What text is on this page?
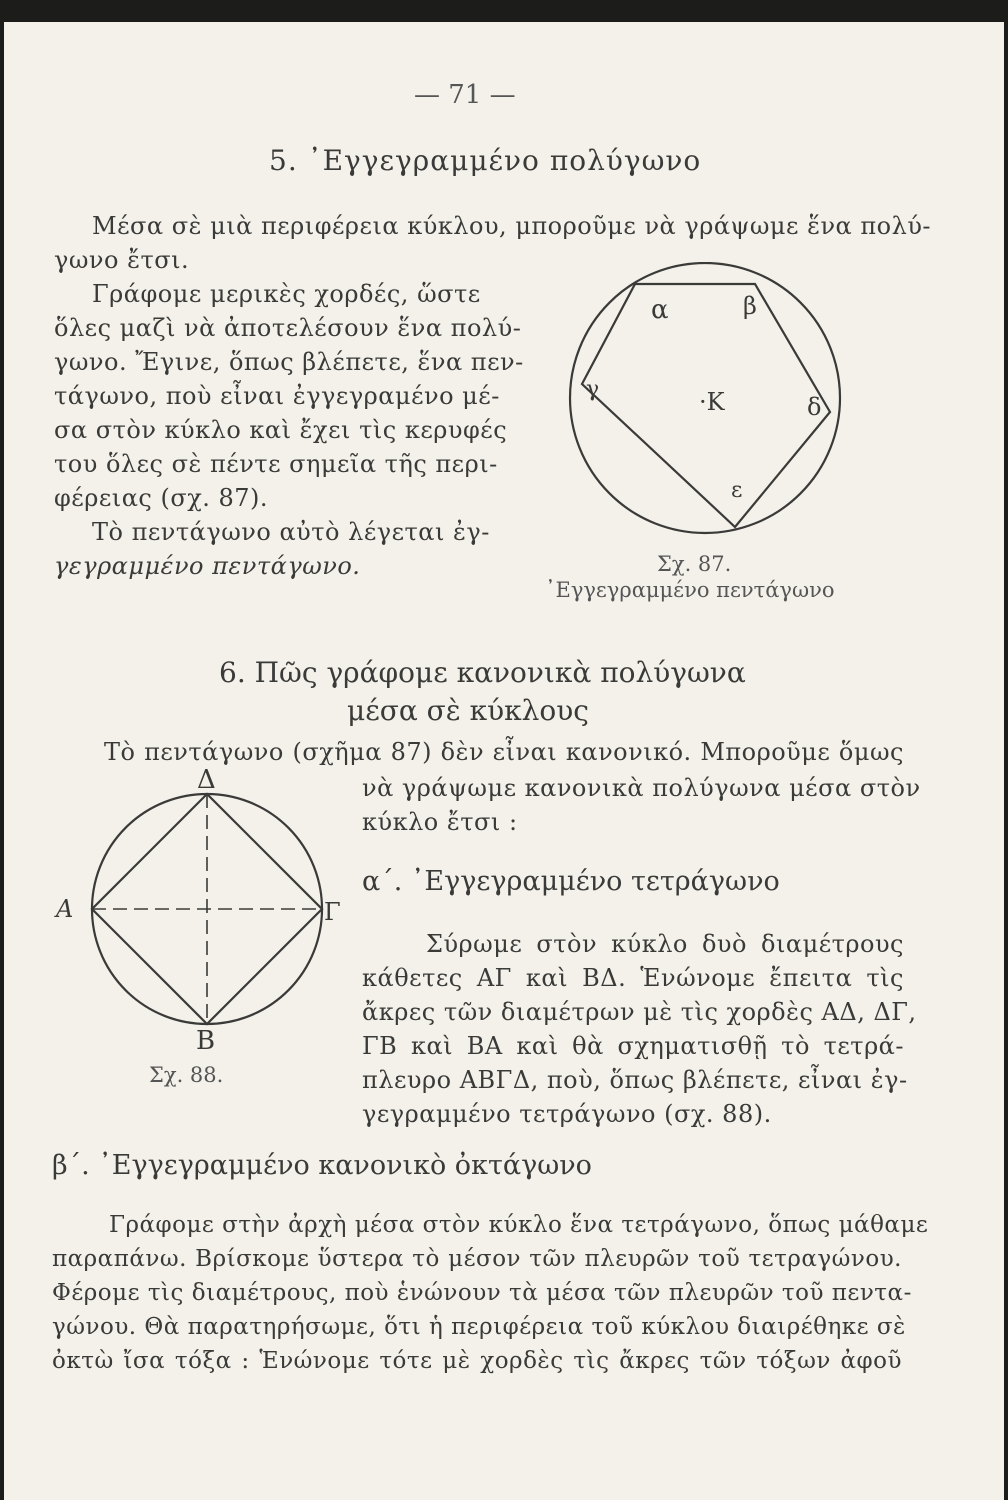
— 71 —
5. ᾿Εγγεγραμμένο πολύγωνο
Μέσα σὲ μιὰ περιφέρεια κύκλου, μποροῦμε νὰ γράψωμε ἕνα πολύ-
γωνο ἔτσι.
Γράφομε μερικὲς χορδές, ὥστε
ὅλες μαζὶ νὰ ἀποτελέσουν ἕνα πολύ-
γωνο. Ἔγινε, ὅπως βλέπετε, ἕνα πεν-
τάγωνο, ποὺ εἶναι ἐγγεγραμένο μέ-
σα στὸν κύκλο καὶ ἔχει τὶς κερυφές
του ὅλες σὲ πέντε σημεῖα τῆς περι-
φέρειας (σχ. 87).
Τὸ πεντάγωνο αὐτὸ λέγεται ἐγ-
γεγραμμένο πεντάγωνο.
α	β
γ	·Κ	δ
ε
Σχ. 87.
᾿Εγγεγραμμένο πεντάγωνο
6. Πῶς γράφομε κανονικὰ πολύγωνα
μέσα σὲ κύκλους
Τὸ πεντάγωνο (σχῆμα 87) δὲν εἶναι κανονικό. Μποροῦμε ὅμως
νὰ γράψωμε κανονικὰ πολύγωνα μέσα στὸν
κύκλο ἔτσι :
Δ
Α	Γ
Β
Σχ. 88.
α΄. ᾿Εγγεγραμμένο τετράγωνο
Σύρωμε στὸν κύκλο δυὸ διαμέτρους
κάθετες ΑΓ καὶ ΒΔ. Ἑνώνομε ἔπειτα τὶς
ἄκρες τῶν διαμέτρων μὲ τὶς χορδὲς ΑΔ, ΔΓ,
ΓΒ καὶ ΒΑ καὶ θὰ σχηματισθῇ τὸ τετρά-
πλευρο ΑΒΓΔ, ποὺ, ὅπως βλέπετε, εἶναι ἐγ-
γεγραμμένο τετράγωνο (σχ. 88).
β΄. ᾿Εγγεγραμμένο κανονικὸ ὀκτάγωνο
Γράφομε στὴν ἀρχὴ μέσα στὸν κύκλο ἕνα τετράγωνο, ὅπως μάθαμε
παραπάνω. Βρίσκομε ὕστερα τὸ μέσον τῶν πλευρῶν τοῦ τετραγώνου.
Φέρομε τὶς διαμέτρους, ποὺ ἑνώνουν τὰ μέσα τῶν πλευρῶν τοῦ πεντα-
γώνου. Θὰ παρατηρήσωμε, ὅτι ἡ περιφέρεια τοῦ κύκλου διαιρέθηκε σὲ
ὀκτὼ ἴσα τόξα : Ἑνώνομε τότε μὲ χορδὲς τὶς ἄκρες τῶν τόξων ἀφοῦ
